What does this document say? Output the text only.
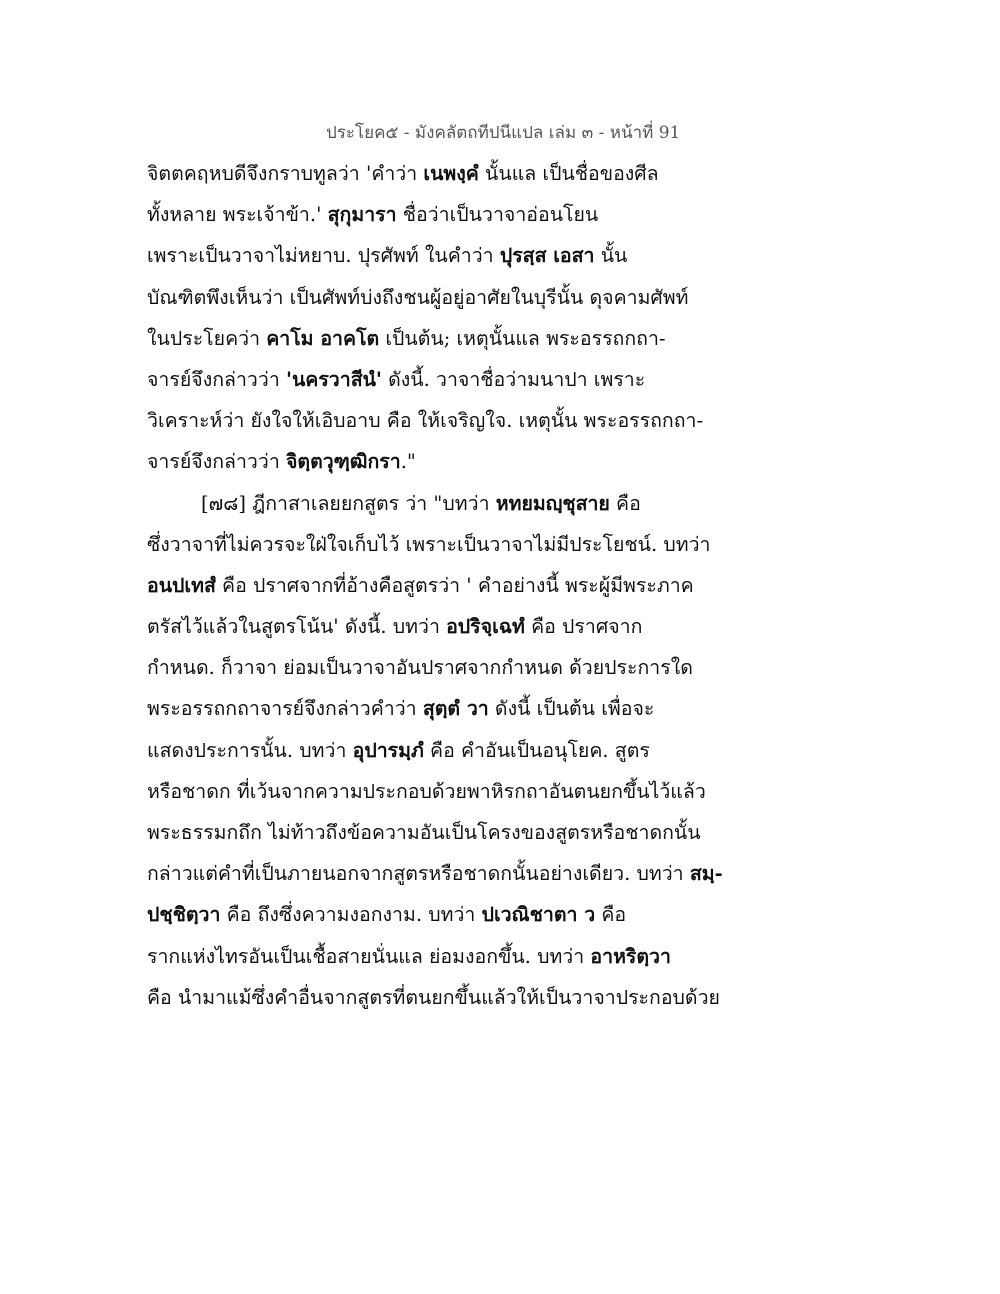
ประโยค๕ - มังคลัตถทีปนีแปล เล่ม ๓ - หน้าที่ 91
จิตตคฤหบดีจึงกราบทูลว่า 'คำว่า เนพงฺคํ นั้นแล เป็นชื่อของศีล
ทั้งหลาย พระเจ้าข้า.' สุกุมารา ชื่อว่าเป็นวาจาอ่อนโยน
เพราะเป็นวาจาไม่หยาบ. ปุรศัพท์ ในคำว่า ปุรสฺส เอสา นั้น
บัณฑิตพึงเห็นว่า เป็นศัพท์บ่งถึงชนผู้อยู่อาศัยในบุรีนั้น ดุจคามศัพท์
ในประโยคว่า คาโม อาคโต เป็นต้น; เหตุนั้นแล พระอรรถกถา-
จารย์จึงกล่าวว่า 'นครวาสีนํ' ดังนี้. วาจาชื่อว่ามนาปา เพราะ
วิเคราะห์ว่า ยังใจให้เอิบอาบ คือ ให้เจริญใจ. เหตุนั้น พระอรรถกถา-
จารย์จึงกล่าวว่า จิตฺตวุฑฺฒิกรา."
[๗๘] ฎีกาสาเลยยกสูตร ว่า "บทว่า หทยมญฺชุสาย คือ
ซึ่งวาจาที่ไม่ควรจะใฝ่ใจเก็บไว้ เพราะเป็นวาจาไม่มีประโยชน์. บทว่า
อนปเทสํ คือ ปราศจากที่อ้างคือสูตรว่า ' คำอย่างนี้ พระผู้มีพระภาค
ตรัสไว้แล้วในสูตรโน้น' ดังนี้. บทว่า อปริจฺเฉทํ คือ ปราศจาก
กำหนด. ก็วาจา ย่อมเป็นวาจาอันปราศจากกำหนด ด้วยประการใด
พระอรรถกถาจารย์จึงกล่าวคำว่า สุตฺตํ วา ดังนี้ เป็นต้น เพื่อจะ
แสดงประการนั้น. บทว่า อุปารมฺภํ คือ คำอันเป็นอนุโยค. สูตร
หรือชาดก ที่เว้นจากความประกอบด้วยพาหิรกถาอันตนยกขึ้นไว้แล้ว
พระธรรมกถึก ไม่ท้าวถึงข้อความอันเป็นโครงของสูตรหรือชาดกนั้น
กล่าวแต่คำที่เป็นภายนอกจากสูตรหรือชาดกนั้นอย่างเดียว. บทว่า สมฺ-
ปชฺชิตฺวา คือ ถึงซึ่งความงอกงาม. บทว่า ปเวณิชาตา ว คือ
รากแห่งไทรอันเป็นเชื้อสายนั่นแล ย่อมงอกขึ้น. บทว่า อาหริตฺวา
คือ นำมาแม้ซึ่งคำอื่นจากสูตรที่ตนยกขึ้นแล้วให้เป็นวาจาประกอบด้วย
